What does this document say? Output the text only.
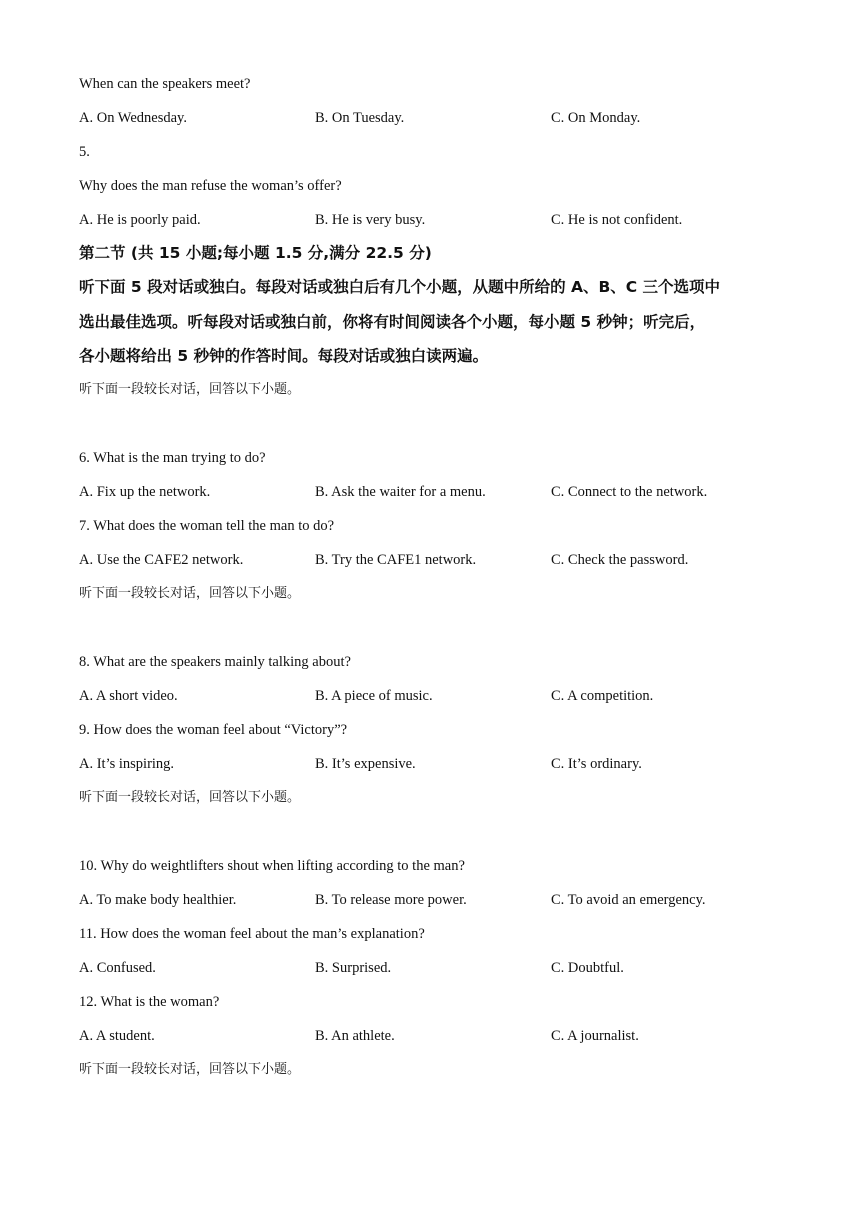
When can the speakers meet?
A. On Wednesday.	B. On Tuesday.	C. On Monday.
5.
Why does the man refuse the woman’s offer?
A. He is poorly paid.	B. He is very busy.	C. He is not confident.
第二节 (共 15 小题;每小题 1.5 分,满分 22.5 分)
听下面 5 段对话或独白。每段对话或独白后有几个小题，从题中所给的 A、B、C 三个选项中
选出最佳选项。听每段对话或独白前，你将有时间阅读各个小题，每小题 5 秒钟；听完后，
各小题将给出 5 秒钟的作答时间。每段对话或独白读两遍。
听下面一段较长对话，回答以下小题。
6. What is the man trying to do?
A. Fix up the network.	B. Ask the waiter for a menu.	C. Connect to the network.
7. What does the woman tell the man to do?
A. Use the CAFE2 network.	B. Try the CAFE1 network.	C. Check the password.
听下面一段较长对话，回答以下小题。
8. What are the speakers mainly talking about?
A. A short video.	B. A piece of music.	C. A competition.
9. How does the woman feel about “Victory”?
A. It’s inspiring.	B. It’s expensive.	C. It’s ordinary.
听下面一段较长对话，回答以下小题。
10. Why do weightlifters shout when lifting according to the man?
A. To make body healthier.	B. To release more power.	C. To avoid an emergency.
11. How does the woman feel about the man’s explanation?
A. Confused.	B. Surprised.	C. Doubtful.
12. What is the woman?
A. A student.	B. An athlete.	C. A journalist.
听下面一段较长对话，回答以下小题。
